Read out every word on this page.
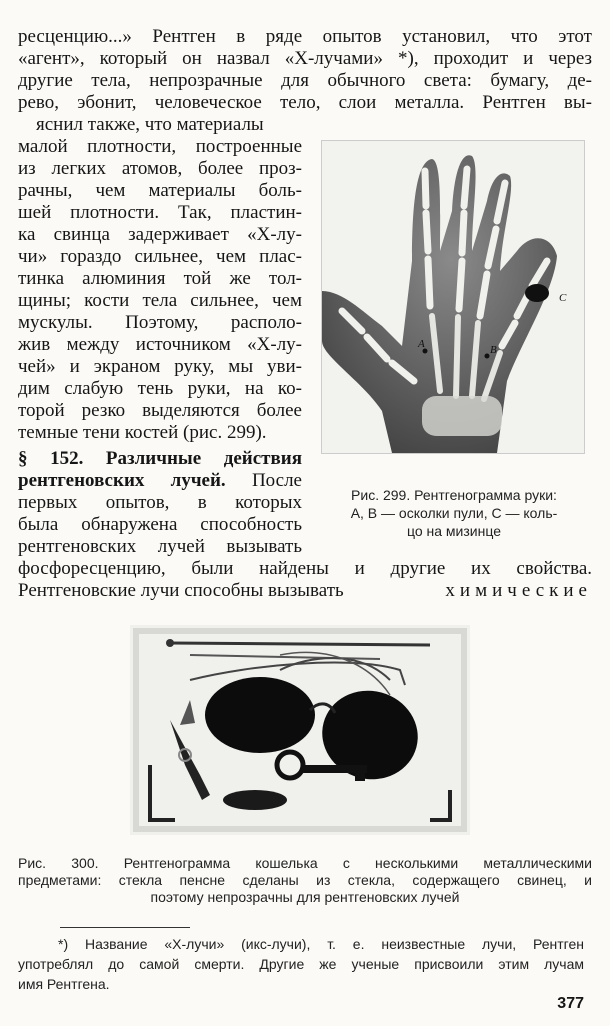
ресценцию...» Рентген в ряде опытов установил, что этот
«агент», который он назвал «Х-лучами» *), проходит и через
другие тела, непрозрачные для обычного света: бумагу, де-
рево, эбонит, человеческое тело, слои металла. Рентген вы-
яснил также, что материалы
малой плотности, построенные
из легких атомов, более проз-
рачны, чем материалы боль-
шей плотности. Так, пластин-
ка свинца задерживает «Х-лу-
чи» гораздо сильнее, чем плас-
тинка алюминия той же тол-
щины; кости тела сильнее, чем
мускулы. Поэтому, располо-
жив между источником «Х-лу-
чей» и экраном руку, мы уви-
дим слабую тень руки, на ко-
торой резко выделяются более
темные тени костей (рис. 299).
§ 152. Различные действия
рентгеновских лучей. После
первых опытов, в которых
была обнаружена способность
рентгеновских лучей вызывать
фосфоресценцию, были найдены и другие их свойства.
Рентгеновские лучи способны вызывать	химические
A	B
C
Рис. 299. Рентгенограмма руки:
А, В — осколки пули, С — коль-
цо на мизинце
Рис. 300. Рентгенограмма кошелька с несколькими металлическими
предметами: стекла пенсне сделаны из стекла, содержащего свинец, и
поэтому непрозрачны для рентгеновских лучей
*) Название «Х-лучи» (икс-лучи), т. е. неизвестные лучи, Рентген
употреблял до самой смерти. Другие же ученые присвоили этим лучам
имя Рентгена.
377
